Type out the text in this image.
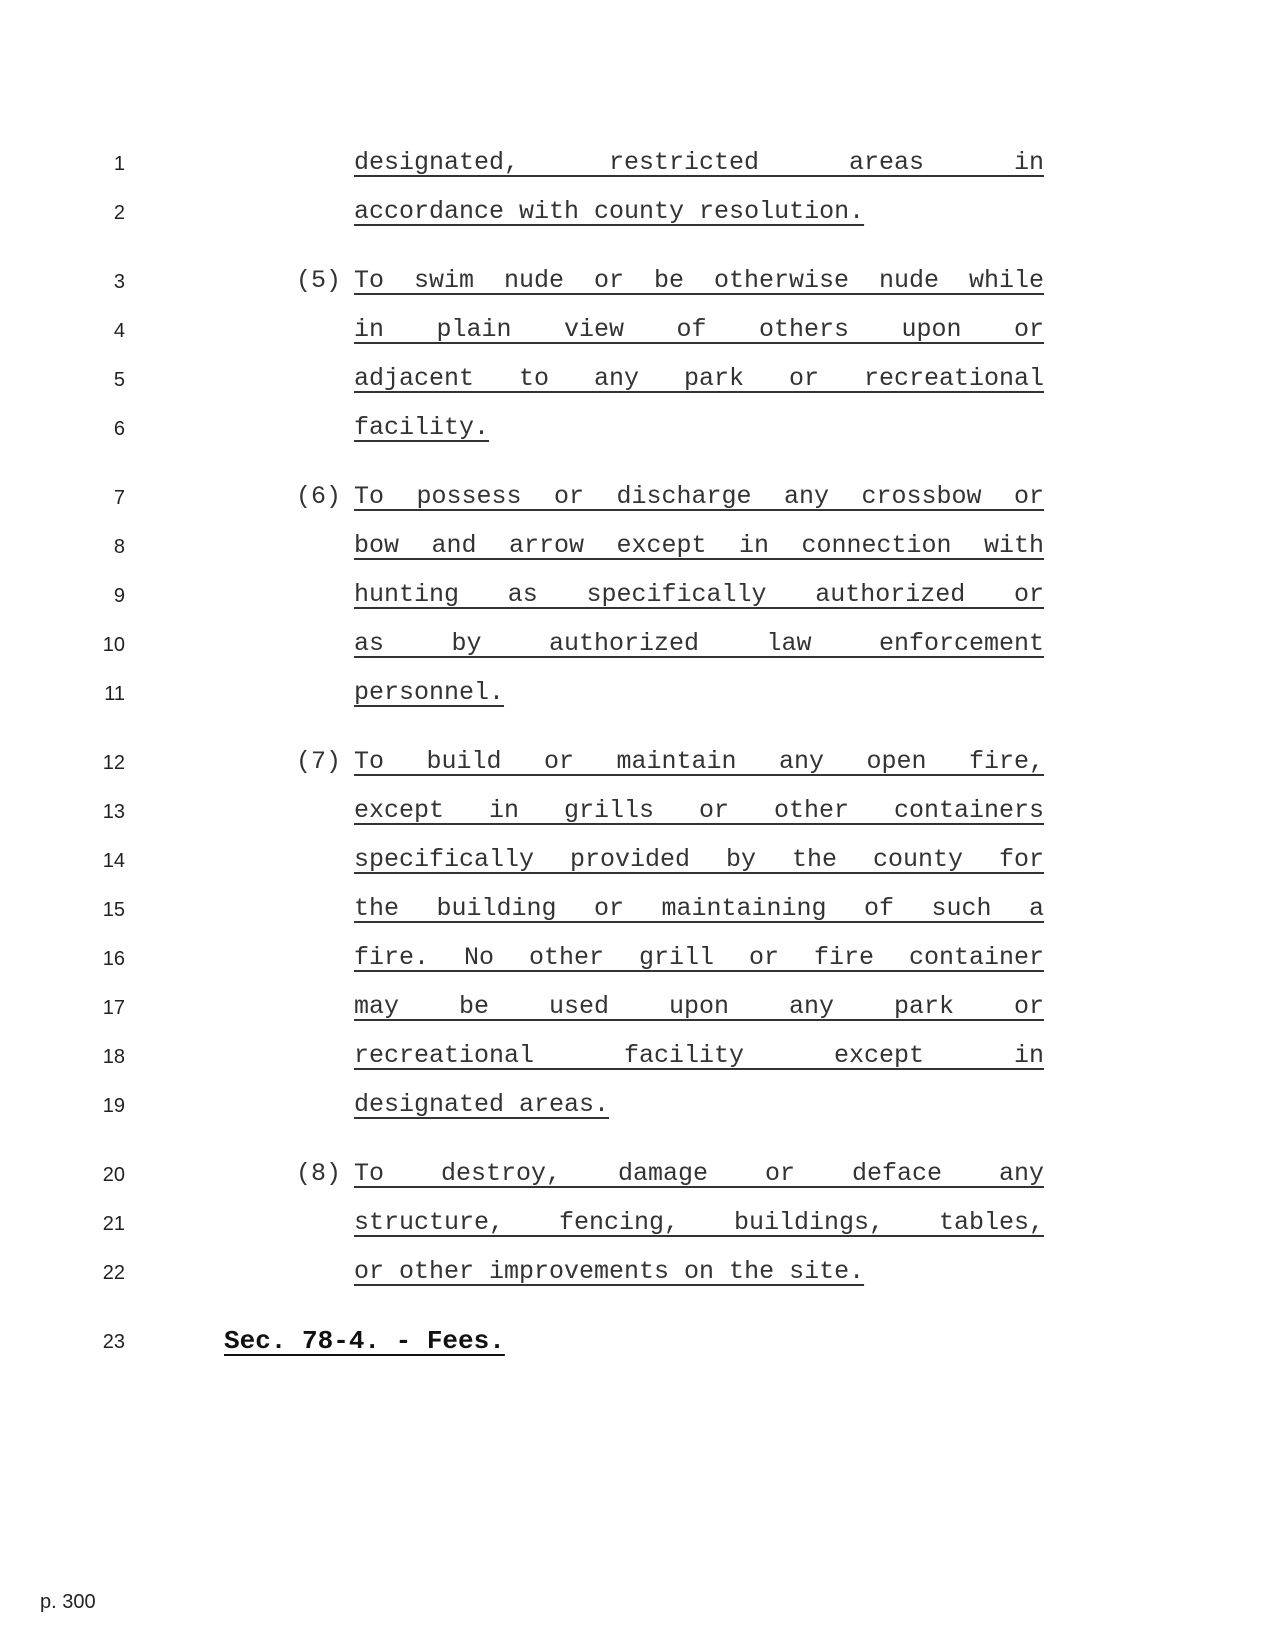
1
2
3
4
5
6
7
8
9
10
11
12
13
14
15
16
17
18
19
20
21
22
23
(5)
(6)
(7)
(8)
designated, restricted areas in
accordance with county resolution.
To swim nude or be otherwise nude while
in plain view of others upon or
adjacent to any park or recreational
facility.
To possess or discharge any crossbow or
bow and arrow except in connection with
hunting as specifically authorized or
as by authorized law enforcement
personnel.
To build or maintain any open fire,
except in grills or other containers
specifically provided by the county for
the building or maintaining of such a
fire. No other grill or fire container
may be used upon any park or
recreational facility except in
designated areas.
To destroy, damage or deface any
structure, fencing, buildings, tables,
or other improvements on the site.
Sec. 78-4. - Fees.
p. 300
